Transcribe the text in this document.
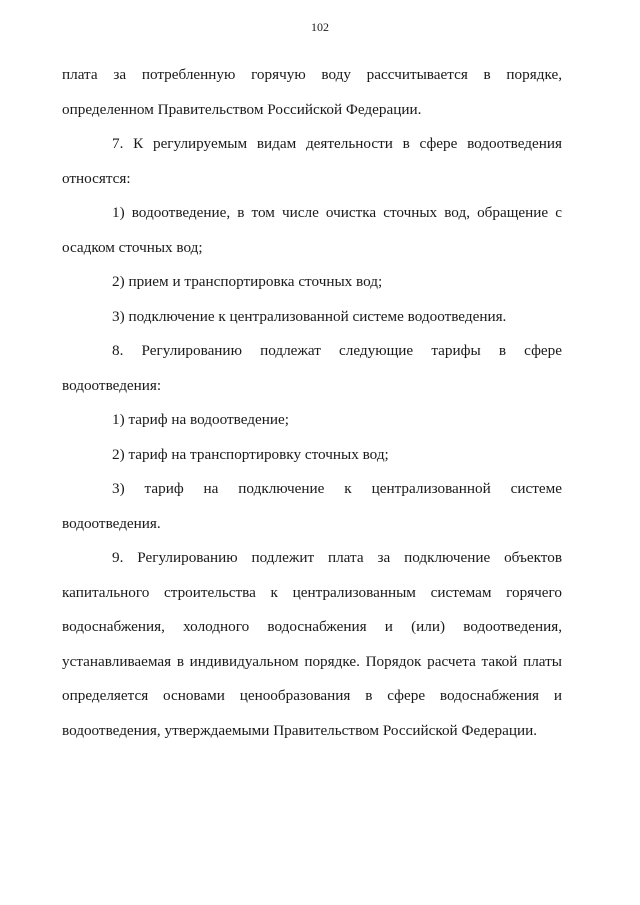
102

плата за потребленную горячую воду рассчитывается в порядке, определенном Правительством Российской Федерации.

7. К регулируемым видам деятельности в сфере водоотведения относятся:

1) водоотведение, в том числе очистка сточных вод, обращение с осадком сточных вод;

2) прием и транспортировка сточных вод;

3) подключение к централизованной системе водоотведения.

8. Регулированию подлежат следующие тарифы в сфере водоотведения:

1) тариф на водоотведение;

2) тариф на транспортировку сточных вод;

3) тариф на подключение к централизованной системе водоотведения.

9. Регулированию подлежит плата за подключение объектов капитального строительства к централизованным системам горячего водоснабжения, холодного водоснабжения и (или) водоотведения, устанавливаемая в индивидуальном порядке. Порядок расчета такой платы определяется основами ценообразования в сфере водоснабжения и водоотведения, утверждаемыми Правительством Российской Федерации.
